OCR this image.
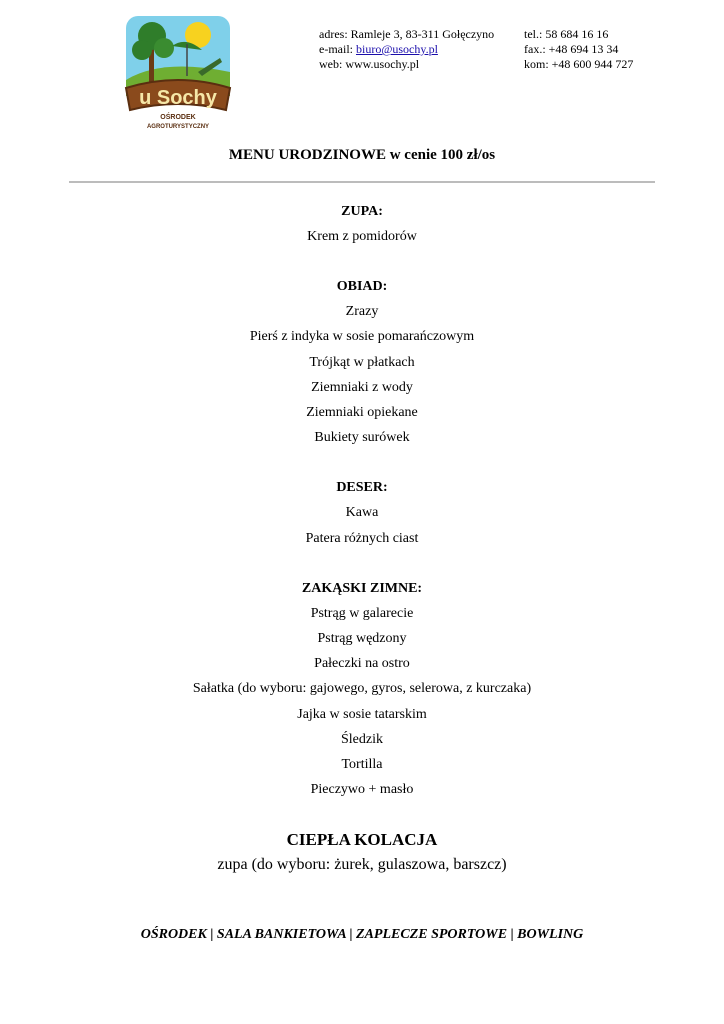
u Sochy
OŚRODEK
AGROTURYSTYCZNY
adres: Ramleje 3, 83-311 Gołęczyno
e-mail: biuro@usochy.pl
web: www.usochy.pl
tel.: 58 684 16 16
fax.: +48 694 13 34
kom: +48 600 944 727
MENU URODZINOWE w cenie 100 zł/os
ZUPA:
Krem z pomidorów
OBIAD:
Zrazy
Pierś z indyka w sosie pomarańczowym
Trójkąt w płatkach
Ziemniaki z wody
Ziemniaki opiekane
Bukiety surówek
DESER:
Kawa
Patera różnych ciast
ZAKĄSKI ZIMNE:
Pstrąg w galarecie
Pstrąg wędzony
Pałeczki na ostro
Sałatka (do wyboru: gajowego, gyros, selerowa, z kurczaka)
Jajka w sosie tatarskim
Śledzik
Tortilla
Pieczywo + masło
CIEPŁA KOLACJA
zupa (do wyboru: żurek, gulaszowa, barszcz)
OŚRODEK | SALA BANKIETOWA | ZAPLECZE SPORTOWE | BOWLING
